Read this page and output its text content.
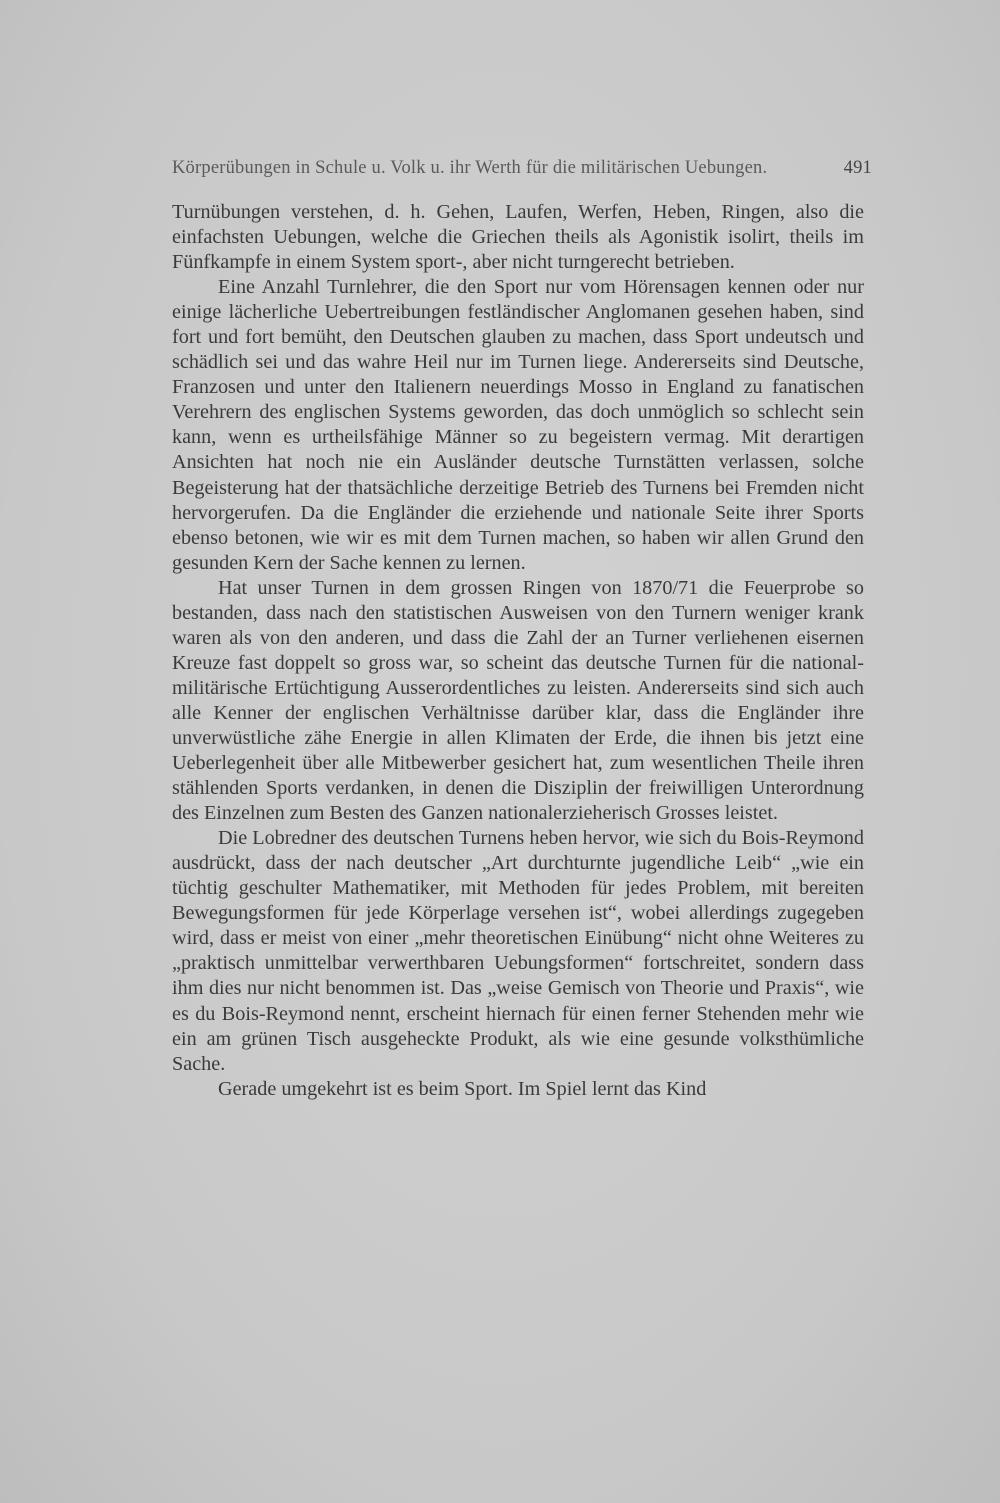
Körperübungen in Schule u. Volk u. ihr Werth für die militärischen Uebungen.	491

Turnübungen verstehen, d. h. Gehen, Laufen, Werfen, Heben, Ringen, also die einfachsten Uebungen, welche die Griechen theils als Agonistik isolirt, theils im Fünfkampfe in einem System sport-, aber nicht turngerecht betrieben.

Eine Anzahl Turnlehrer, die den Sport nur vom Hörensagen kennen oder nur einige lächerliche Uebertreibungen festländischer Anglomanen gesehen haben, sind fort und fort bemüht, den Deutschen glauben zu machen, dass Sport undeutsch und schädlich sei und das wahre Heil nur im Turnen liege. Andererseits sind Deutsche, Franzosen und unter den Italienern neuerdings Mosso in England zu fanatischen Verehrern des englischen Systems geworden, das doch unmöglich so schlecht sein kann, wenn es urtheilsfähige Männer so zu begeistern vermag. Mit derartigen Ansichten hat noch nie ein Ausländer deutsche Turnstätten verlassen, solche Begeisterung hat der thatsächliche derzeitige Betrieb des Turnens bei Fremden nicht hervorgerufen. Da die Engländer die erziehende und nationale Seite ihrer Sports ebenso betonen, wie wir es mit dem Turnen machen, so haben wir allen Grund den gesunden Kern der Sache kennen zu lernen.

Hat unser Turnen in dem grossen Ringen von 1870/71 die Feuerprobe so bestanden, dass nach den statistischen Ausweisen von den Turnern weniger krank waren als von den anderen, und dass die Zahl der an Turner verliehenen eisernen Kreuze fast doppelt so gross war, so scheint das deutsche Turnen für die national-militärische Ertüchtigung Ausserordentliches zu leisten. Andererseits sind sich auch alle Kenner der englischen Verhältnisse darüber klar, dass die Engländer ihre unverwüstliche zähe Energie in allen Klimaten der Erde, die ihnen bis jetzt eine Ueberlegenheit über alle Mitbewerber gesichert hat, zum wesentlichen Theile ihren stählenden Sports verdanken, in denen die Disziplin der freiwilligen Unterordnung des Einzelnen zum Besten des Ganzen nationalerzieherisch Grosses leistet.

Die Lobredner des deutschen Turnens heben hervor, wie sich du Bois-Reymond ausdrückt, dass der nach deutscher „Art durchturnte jugendliche Leib“ „wie ein tüchtig geschulter Mathematiker, mit Methoden für jedes Problem, mit bereiten Bewegungsformen für jede Körperlage versehen ist“, wobei allerdings zugegeben wird, dass er meist von einer „mehr theoretischen Einübung“ nicht ohne Weiteres zu „praktisch unmittelbar verwerthbaren Uebungsformen“ fortschreitet, sondern dass ihm dies nur nicht benommen ist. Das „weise Gemisch von Theorie und Praxis“, wie es du Bois-Reymond nennt, erscheint hiernach für einen ferner Stehenden mehr wie ein am grünen Tisch ausgeheckte Produkt, als wie eine gesunde volksthümliche Sache.

Gerade umgekehrt ist es beim Sport. Im Spiel lernt das Kind
